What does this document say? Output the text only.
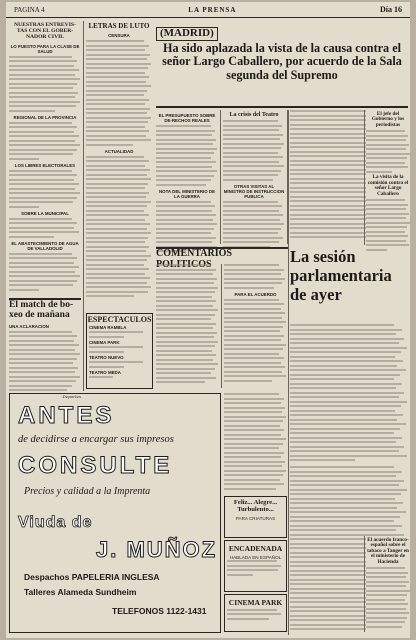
PAGINA 4	LA PRENSA	Día 16
NUESTRAS ENTREVIS-TAS CON EL GOBER-NADOR CIVIL
LO PUESTO PARA LA CLASE DE SALUD
REGIONAL DE LA PROVINCIA
LOS LIBRES ELECTORALES
SOBRE LA MUNICIPAL
EL ABASTECIMIENTO DE AGUA DE VALLADOLID
El match de bo-xeo de mañana
UNA ACLARACION
Deportes
LETRAS DE LUTO
CENSURA
ACTUALIDAD
(MADRID)
Ha sido aplazada la vista de la causa contra el señor Largo Caballero, por acuerdo de la Sala segunda del Supremo
EL PRESUPUESTO SOBRE DE-RECHOS REALES
NOTA DEL MINISTERIO DE LA GUERRA
La crisis del Teatro
OTRAS VISITAS AL MINISTRO DE INSTRUCCION PUBLICA
COMENTARIOS
PARA EL ACUERDO
ESPECTACULOS
CINEMA RAMBLA
CINEMA PARK
TEATRO NUEVO
TEATRO MEDA
La sesión parlamentaria de ayer
ANTES
de decidirse a encargar sus impresos
CONSULTE
Precios y calidad a la Imprenta
Viuda de
J. MUÑOZ
Despachos PAPELERIA INGLESA
Talleres Alameda Sundheim
TELEFONOS 1122-1431
Feliz... Alegre... Turbulento...
PARA CRIATURAS
ENCADENADA
HABLADA EN ESPAÑOL
CINEMA PARK
El jefe del Gobierno y los periodistas
La visita de la comisión contra el señor Largo Caballero
El acuerdo franco-español sobre el tabaco a Tanger en el ministerio de Hacienda
